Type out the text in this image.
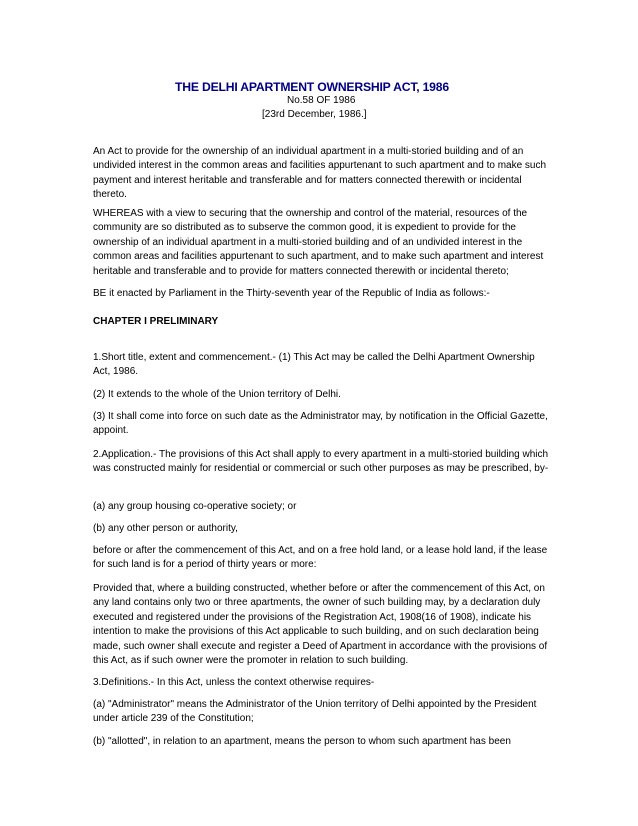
THE DELHI APARTMENT OWNERSHIP ACT, 1986
No.58 OF 1986
[23rd December, 1986.]

An Act to provide for the ownership of an individual apartment in a multi-storied building and of an undivided interest in the common areas and facilities appurtenant to such apartment and to make such payment and interest heritable and transferable and for matters connected therewith or incidental thereto.

WHEREAS with a view to securing that the ownership and control of the material, resources of the community are so distributed as to subserve the common good, it is expedient to provide for the ownership of an individual apartment in a multi-storied building and of an undivided interest in the common areas and facilities appurtenant to such apartment, and to make such apartment and interest heritable and transferable and to provide for matters connected therewith or incidental thereto;

BE it enacted by Parliament in the Thirty-seventh year of the Republic of India as follows:-

CHAPTER I PRELIMINARY

1.Short title, extent and commencement.- (1) This Act may be called the Delhi Apartment Ownership Act, 1986.

(2) It extends to the whole of the Union territory of Delhi.

(3) It shall come into force on such date as the Administrator may, by notification in the Official Gazette, appoint.

2.Application.- The provisions of this Act shall apply to every apartment in a multi-storied building which was constructed mainly for residential or commercial or such other purposes as may be prescribed, by-

(a) any group housing co-operative society; or

(b) any other person or authority,

before or after the commencement of this Act, and on a free hold land, or a lease hold land, if the lease for such land is for a period of thirty years or more:

Provided that, where a building constructed, whether before or after the commencement of this Act, on any land contains only two or three apartments, the owner of such building may, by a declaration duly executed and registered under the provisions of the Registration Act, 1908(16 of 1908), indicate his intention to make the provisions of this Act applicable to such building, and on such declaration being made, such owner shall execute and register a Deed of Apartment in accordance with the provisions of this Act, as if such owner were the promoter in relation to such building.

3.Definitions.- In this Act, unless the context otherwise requires-

(a) "Administrator" means the Administrator of the Union territory of Delhi appointed by the President under article 239 of the Constitution;

(b) "allotted", in relation to an apartment, means the person to whom such apartment has been
